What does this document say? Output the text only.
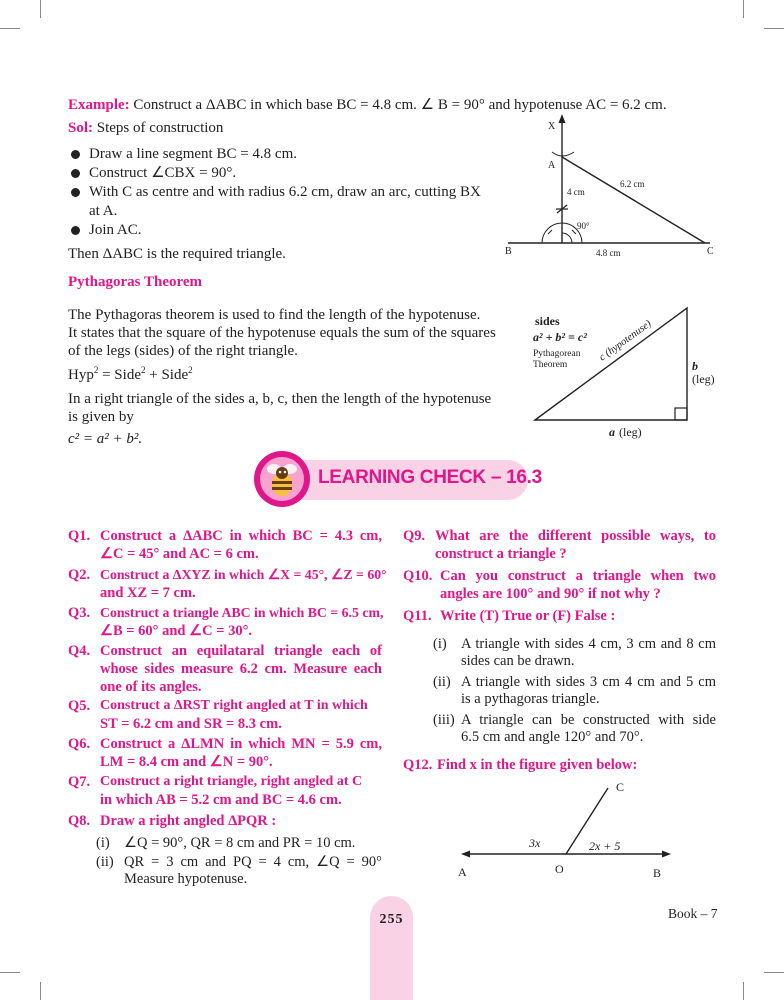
Example: Construct a ΔABC in which base BC = 4.8 cm. ∠ B = 90° and hypotenuse AC = 6.2 cm.
Sol: Steps of construction
Draw a line segment BC = 4.8 cm.
Construct ∠CBX = 90°.
With C as centre and with radius 6.2 cm, draw an arc, cutting BX
at A.
Join AC.
Then ΔABC is the required triangle.
X
A
B	C
4 cm
6.2 cm
4.8 cm
90°
Pythagoras Theorem
The Pythagoras theorem is used to find the length of the hypotenuse.
It states that the square of the hypotenuse equals the sum of the squares
of the legs (sides) of the right triangle.
Hyp$^2$ = Side$^2$ + Side$^2$
In a right triangle of the sides a, b, c, then the length of the hypotenuse
is given by
c² = a² + b².
sides
a² + b² = c²
Pythagorean
Theorem
c (hypotenuse)
b
(leg)
a (leg)
LEARNING CHECK – 16.3
Q1. Construct a ΔABC in which BC = 4.3 cm,
∠C = 45° and AC = 6 cm.
Q2. Construct a ΔXYZ in which ∠X = 45°, ∠Z = 60°
and XZ = 7 cm.
Q3. Construct a triangle ABC in which BC = 6.5 cm,
∠B = 60° and ∠C = 30°.
Q4. Construct an equilataral triangle each of
whose sides measure 6.2 cm. Measure each
one of its angles.
Q5. Construct a ΔRST right angled at T in which
ST = 6.2 cm and SR = 8.3 cm.
Q6. Construct a ΔLMN in which MN = 5.9 cm,
LM = 8.4 cm and ∠N = 90°.
Q7. Construct a right triangle, right angled at C
in which AB = 5.2 cm and BC = 4.6 cm.
Q8. Draw a right angled ΔPQR :
(i) ∠Q = 90°, QR = 8 cm and PR = 10 cm.
(ii) QR = 3 cm and PQ = 4 cm, ∠Q = 90°
Measure hypotenuse.
Q9. What are the different possible ways, to
construct a triangle ?
Q10. Can you construct a triangle when two
angles are 100° and 90° if not why ?
Q11. Write (T) True or (F) False :
(i) A triangle with sides 4 cm, 3 cm and 8 cm
sides can be drawn.
(ii) A triangle with sides 3 cm 4 cm and 5 cm
is a pythagoras triangle.
(iii) A triangle can be constructed with side
6.5 cm and angle 120° and 70°.
Q12. Find x in the figure given below:
A	B
C
O
3x	2x + 5
255	Book – 7
